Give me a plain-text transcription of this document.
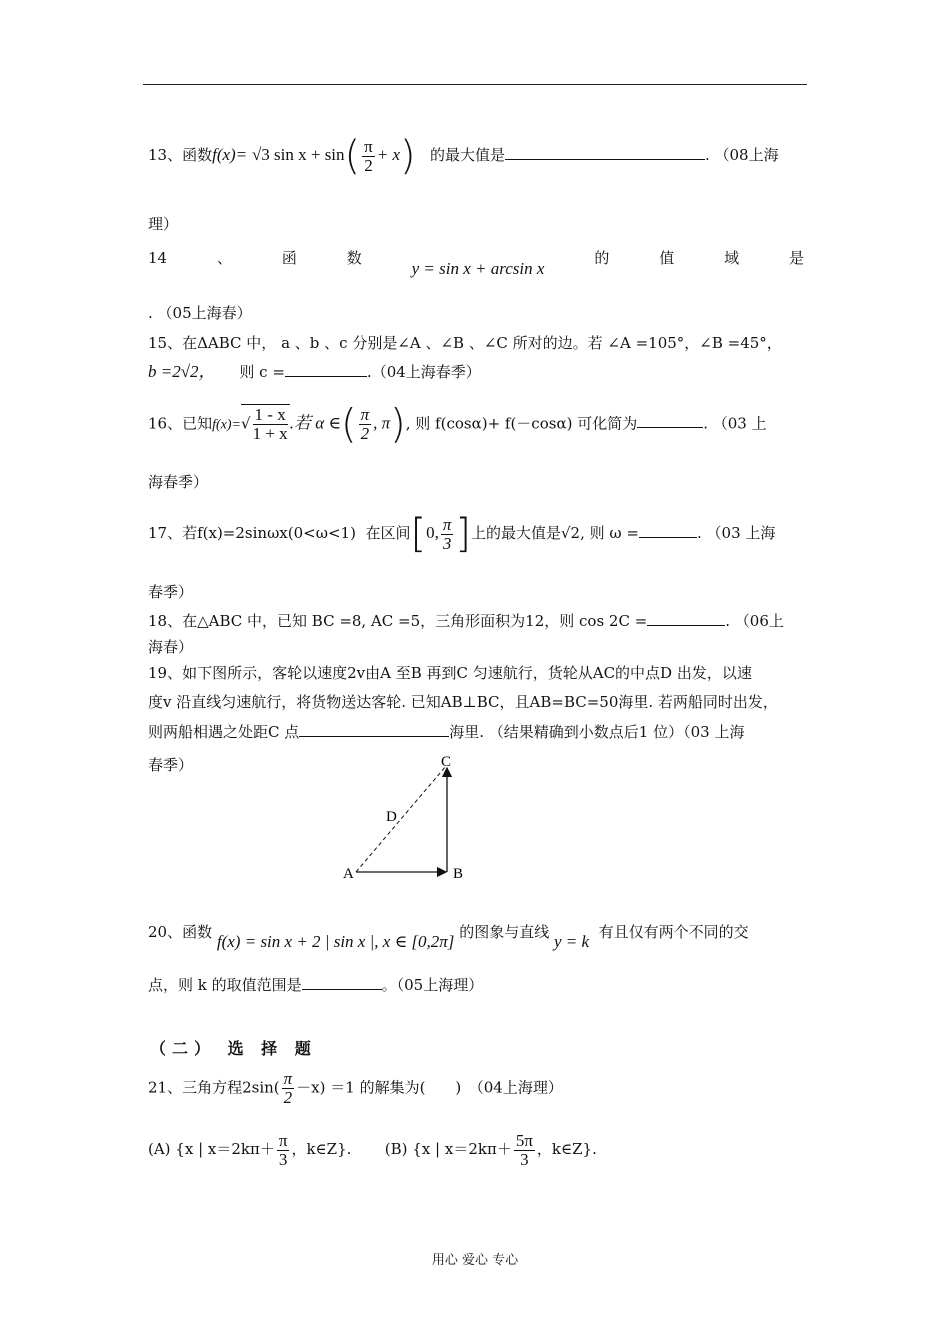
13、函数f(x)= √3 $\sin x + \sin( \frac{\pi}{2} + x)$ 的最大值是	. （08上海
理）
14	、	函	数
y = sin x + arcsin x
的	值	域	是
. （05上海春）
15、在ΔABC 中， a 、b 、c 分别是∠A 、∠B 、∠C 所对的边。若 ∠A =105°，∠B =45°，
b =2√2， 则 c =	.（04上海春季）
16、已知$f(x)=√ \frac{1 - x}{1 + x}$ .若 α ∈( $\frac{\pi}{2}$ , π), 则 f(cosα)+ f(－cosα) 可化简为	. （03 上
海春季）
17、若f(x)=2sinωx(0<ω<1) 在区间[0, $\frac{\pi}{3}$ ]上的最大值是√2, 则 ω =	. （03 上海
春季）
18、在△ABC 中，已知 BC =8, AC =5，三角形面积为12，则 cos 2C =	. （06上
海春）
19、如下图所示，客轮以速度2v由A 至B 再到C 匀速航行，货轮从AC的中点D 出发，以速
度v 沿直线匀速航行，将货物送达客轮. 已知AB⊥BC，且AB=BC=50海里. 若两船同时出发，
则两船相遇之处距C 点	海里. （结果精确到小数点后1 位）（03 上海
春季）
A	B
C
D
20、函数 f(x) = sin x + 2 | sin x |, x ∈ [0,2π] 的图象与直线 y = k 有且仅有两个不同的交
点，则 k 的取值范围是	。（05上海理）
（二） 选 择 题
21、三角方程$2\sin( \frac{\pi}{2} -x) =1$ 的解集为(　　)　（04上海理）
(A) {x | $x=2k\pi+ \frac{\pi}{3}$ ，k∈Z}. (B) {x | $x=2k\pi+ \frac{5\pi}{3}$ ，k∈Z}.
用心 爱心 专心
